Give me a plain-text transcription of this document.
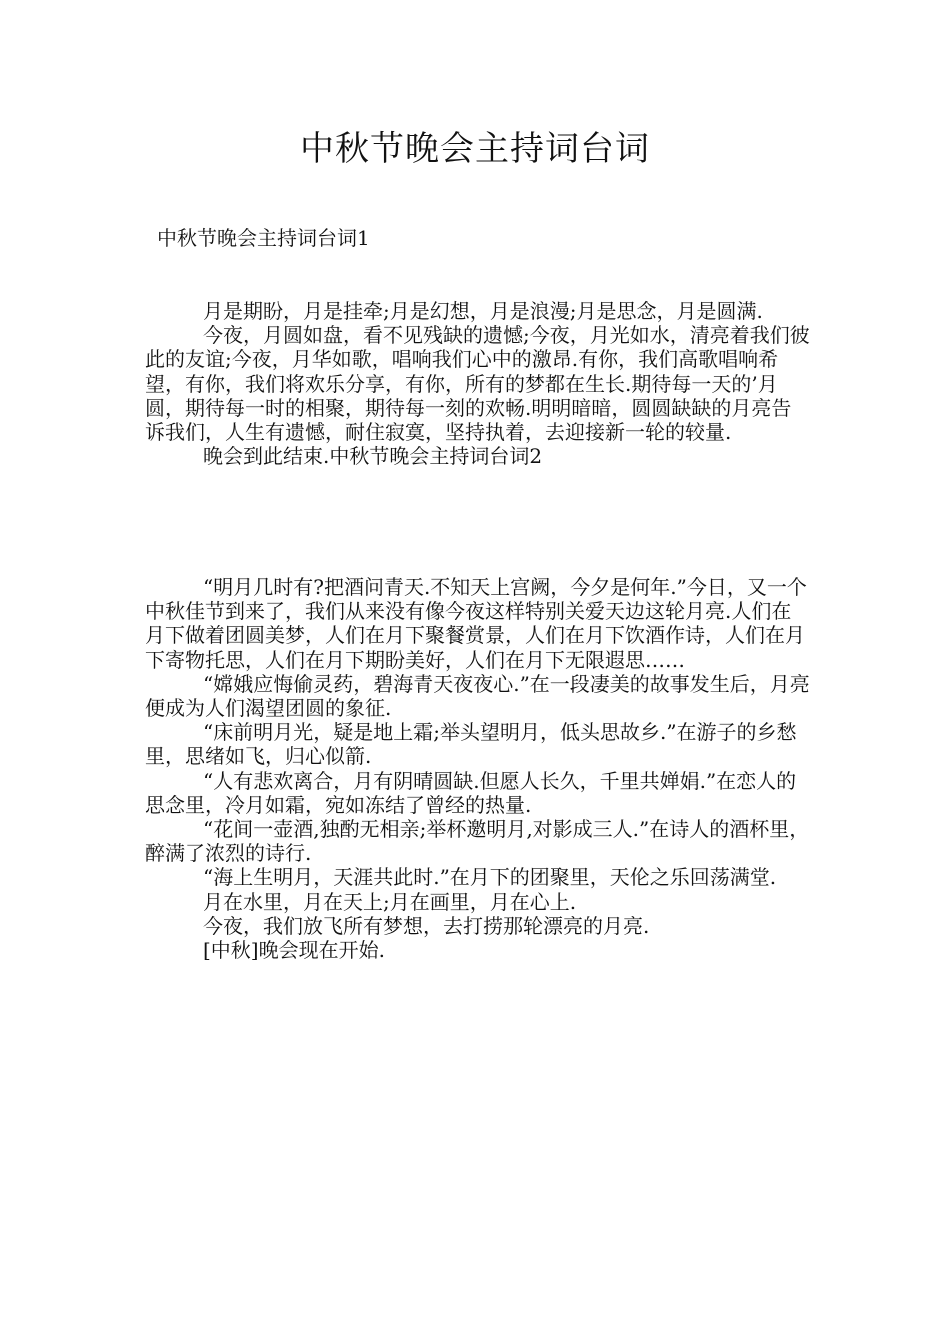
中秋节晚会主持词台词
中秋节晚会主持词台词1

月是期盼，月是挂牵;月是幻想，月是浪漫;月是思念，月是圆满.

今夜，月圆如盘，看不见残缺的遗憾;今夜，月光如水，清亮着我们彼此的友谊;今夜，月华如歌，唱响我们心中的激昂.有你，我们高歌唱响希望，有你，我们将欢乐分享，有你，所有的梦都在生长.期待每一天的’月圆，期待每一时的相聚，期待每一刻的欢畅.明明暗暗，圆圆缺缺的月亮告诉我们，人生有遗憾，耐住寂寞，坚持执着，去迎接新一轮的较量.

晚会到此结束.中秋节晚会主持词台词2

“明月几时有?把酒问青天.不知天上宫阙，今夕是何年.”今日，又一个中秋佳节到来了，我们从来没有像今夜这样特别关爱天边这轮月亮.人们在月下做着团圆美梦，人们在月下聚餐赏景，人们在月下饮酒作诗，人们在月下寄物托思，人们在月下期盼美好，人们在月下无限遐思……

“嫦娥应悔偷灵药，碧海青天夜夜心.”在一段凄美的故事发生后，月亮便成为人们渴望团圆的象征.

“床前明月光，疑是地上霜;举头望明月，低头思故乡.”在游子的乡愁里，思绪如飞，归心似箭.

“人有悲欢离合，月有阴晴圆缺.但愿人长久，千里共婵娟.”在恋人的思念里，冷月如霜，宛如冻结了曾经的热量.

“花间一壶酒,独酌无相亲;举杯邀明月,对影成三人.”在诗人的酒杯里，醉满了浓烈的诗行.

“海上生明月，天涯共此时.”在月下的团聚里，天伦之乐回荡满堂.

月在水里，月在天上;月在画里，月在心上.

今夜，我们放飞所有梦想，去打捞那轮漂亮的月亮.

[中秋]晚会现在开始.
